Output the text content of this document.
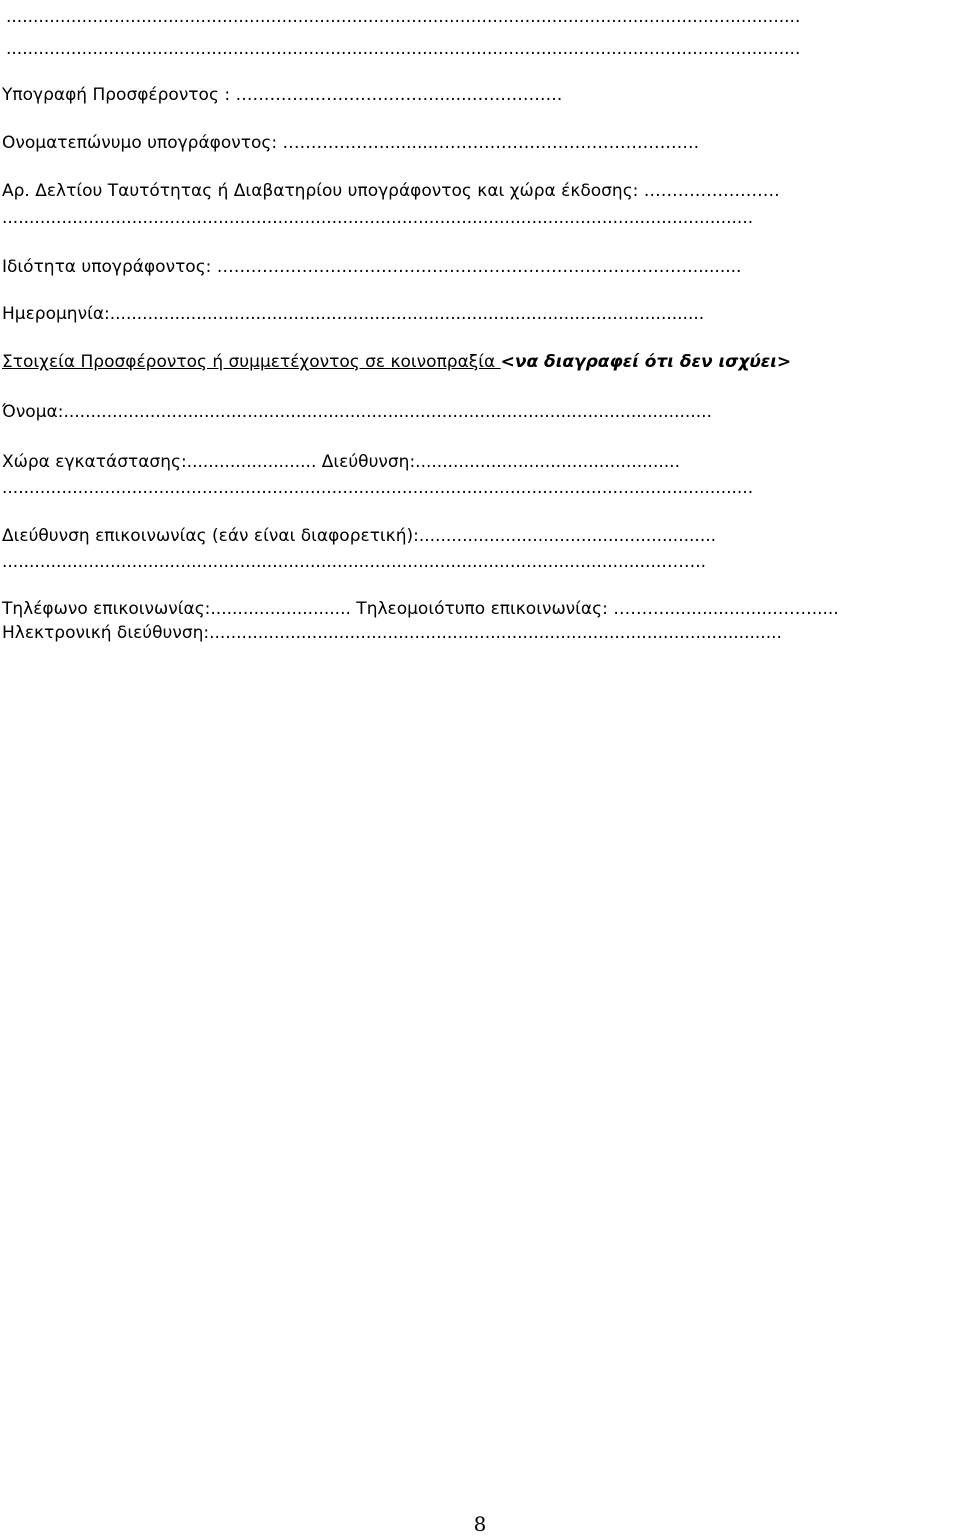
...................................................................................................................................................
...................................................................................................................................................
Υπογραφή Προσφέροντος : ………………………………......…………….
Ονοματεπώνυμο υπογράφοντος: ………………..........……………………………………….
Αρ. Δελτίου Ταυτότητας ή Διαβατηρίου υπογράφοντος και χώρα έκδοσης: ……………………
...........................................................................................................................................
Ιδιότητα υπογράφοντος: ………………………………………………………………………….........
Ημερομηνία:..............................................................................................................
Στοιχεία Προσφέροντος ή συμμετέχοντος σε κοινοπραξία <να διαγραφεί ότι δεν ισχύει>
Όνομα:........................................................................................................................
Χώρα εγκατάστασης:........................ Διεύθυνση:.................................................
...........................................................................................................................................
Διεύθυνση επικοινωνίας (εάν είναι διαφορετική):.......................................................
..........................................................................................................................……..
Τηλέφωνο επικοινωνίας:.......................... Τηλεομοιότυπο επικοινωνίας: ……….....................…….....
Ηλεκτρονική διεύθυνση:..........................................................................................................
8
